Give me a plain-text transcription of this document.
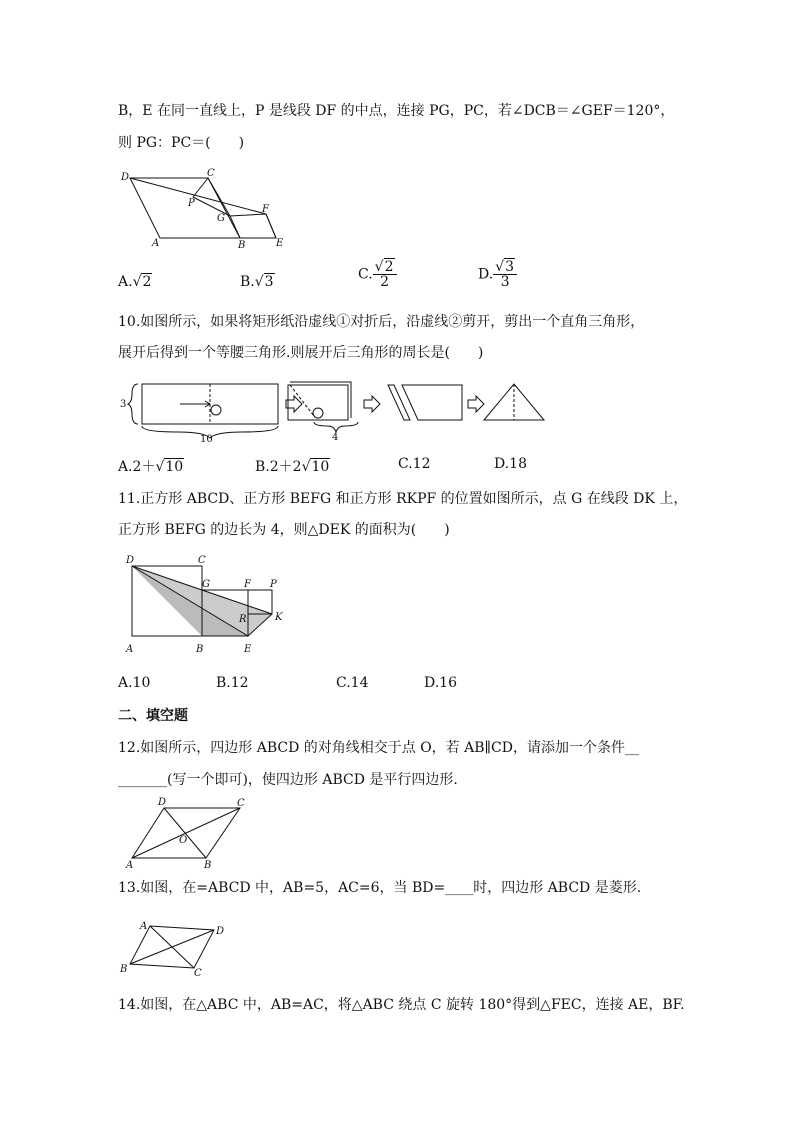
B，E 在同一直线上，P 是线段 DF 的中点，连接 PG，PC，若∠DCB＝∠GEF＝120°，
则 PG：PC＝(　　)
D	C
P
G
F
A	B	E
A.√2	B.√3	C. $\frac{√2}{2}$	D. $\frac{√3}{3}$
10.如图所示，如果将矩形纸沿虚线①对折后，沿虚线②剪开，剪出一个直角三角形，
展开后得到一个等腰三角形.则展开后三角形的周长是(　　)
3
10	4
A.2＋√10	B.2＋2√10	C.12	D.18
11.正方形 ABCD、正方形 BEFG 和正方形 RKPF 的位置如图所示，点 G 在线段 DK 上，
正方形 BEFG 的边长为 4，则△DEK 的面积为(　　)
D	C
G	F P
R	K
A	B	E
A.10	B.12	C.14	D.16
二、填空题
12.如图所示，四边形 ABCD 的对角线相交于点 O，若 AB∥CD，请添加一个条件__
_______(写一个即可)，使四边形 ABCD 是平行四边形.
D	C
O
A	B
13.如图，在=ABCD 中，AB=5，AC=6，当 BD=____时，四边形 ABCD 是菱形.
A	D
B	C
14.如图，在△ABC 中，AB=AC，将△ABC 绕点 C 旋转 180°得到△FEC，连接 AE，BF.
